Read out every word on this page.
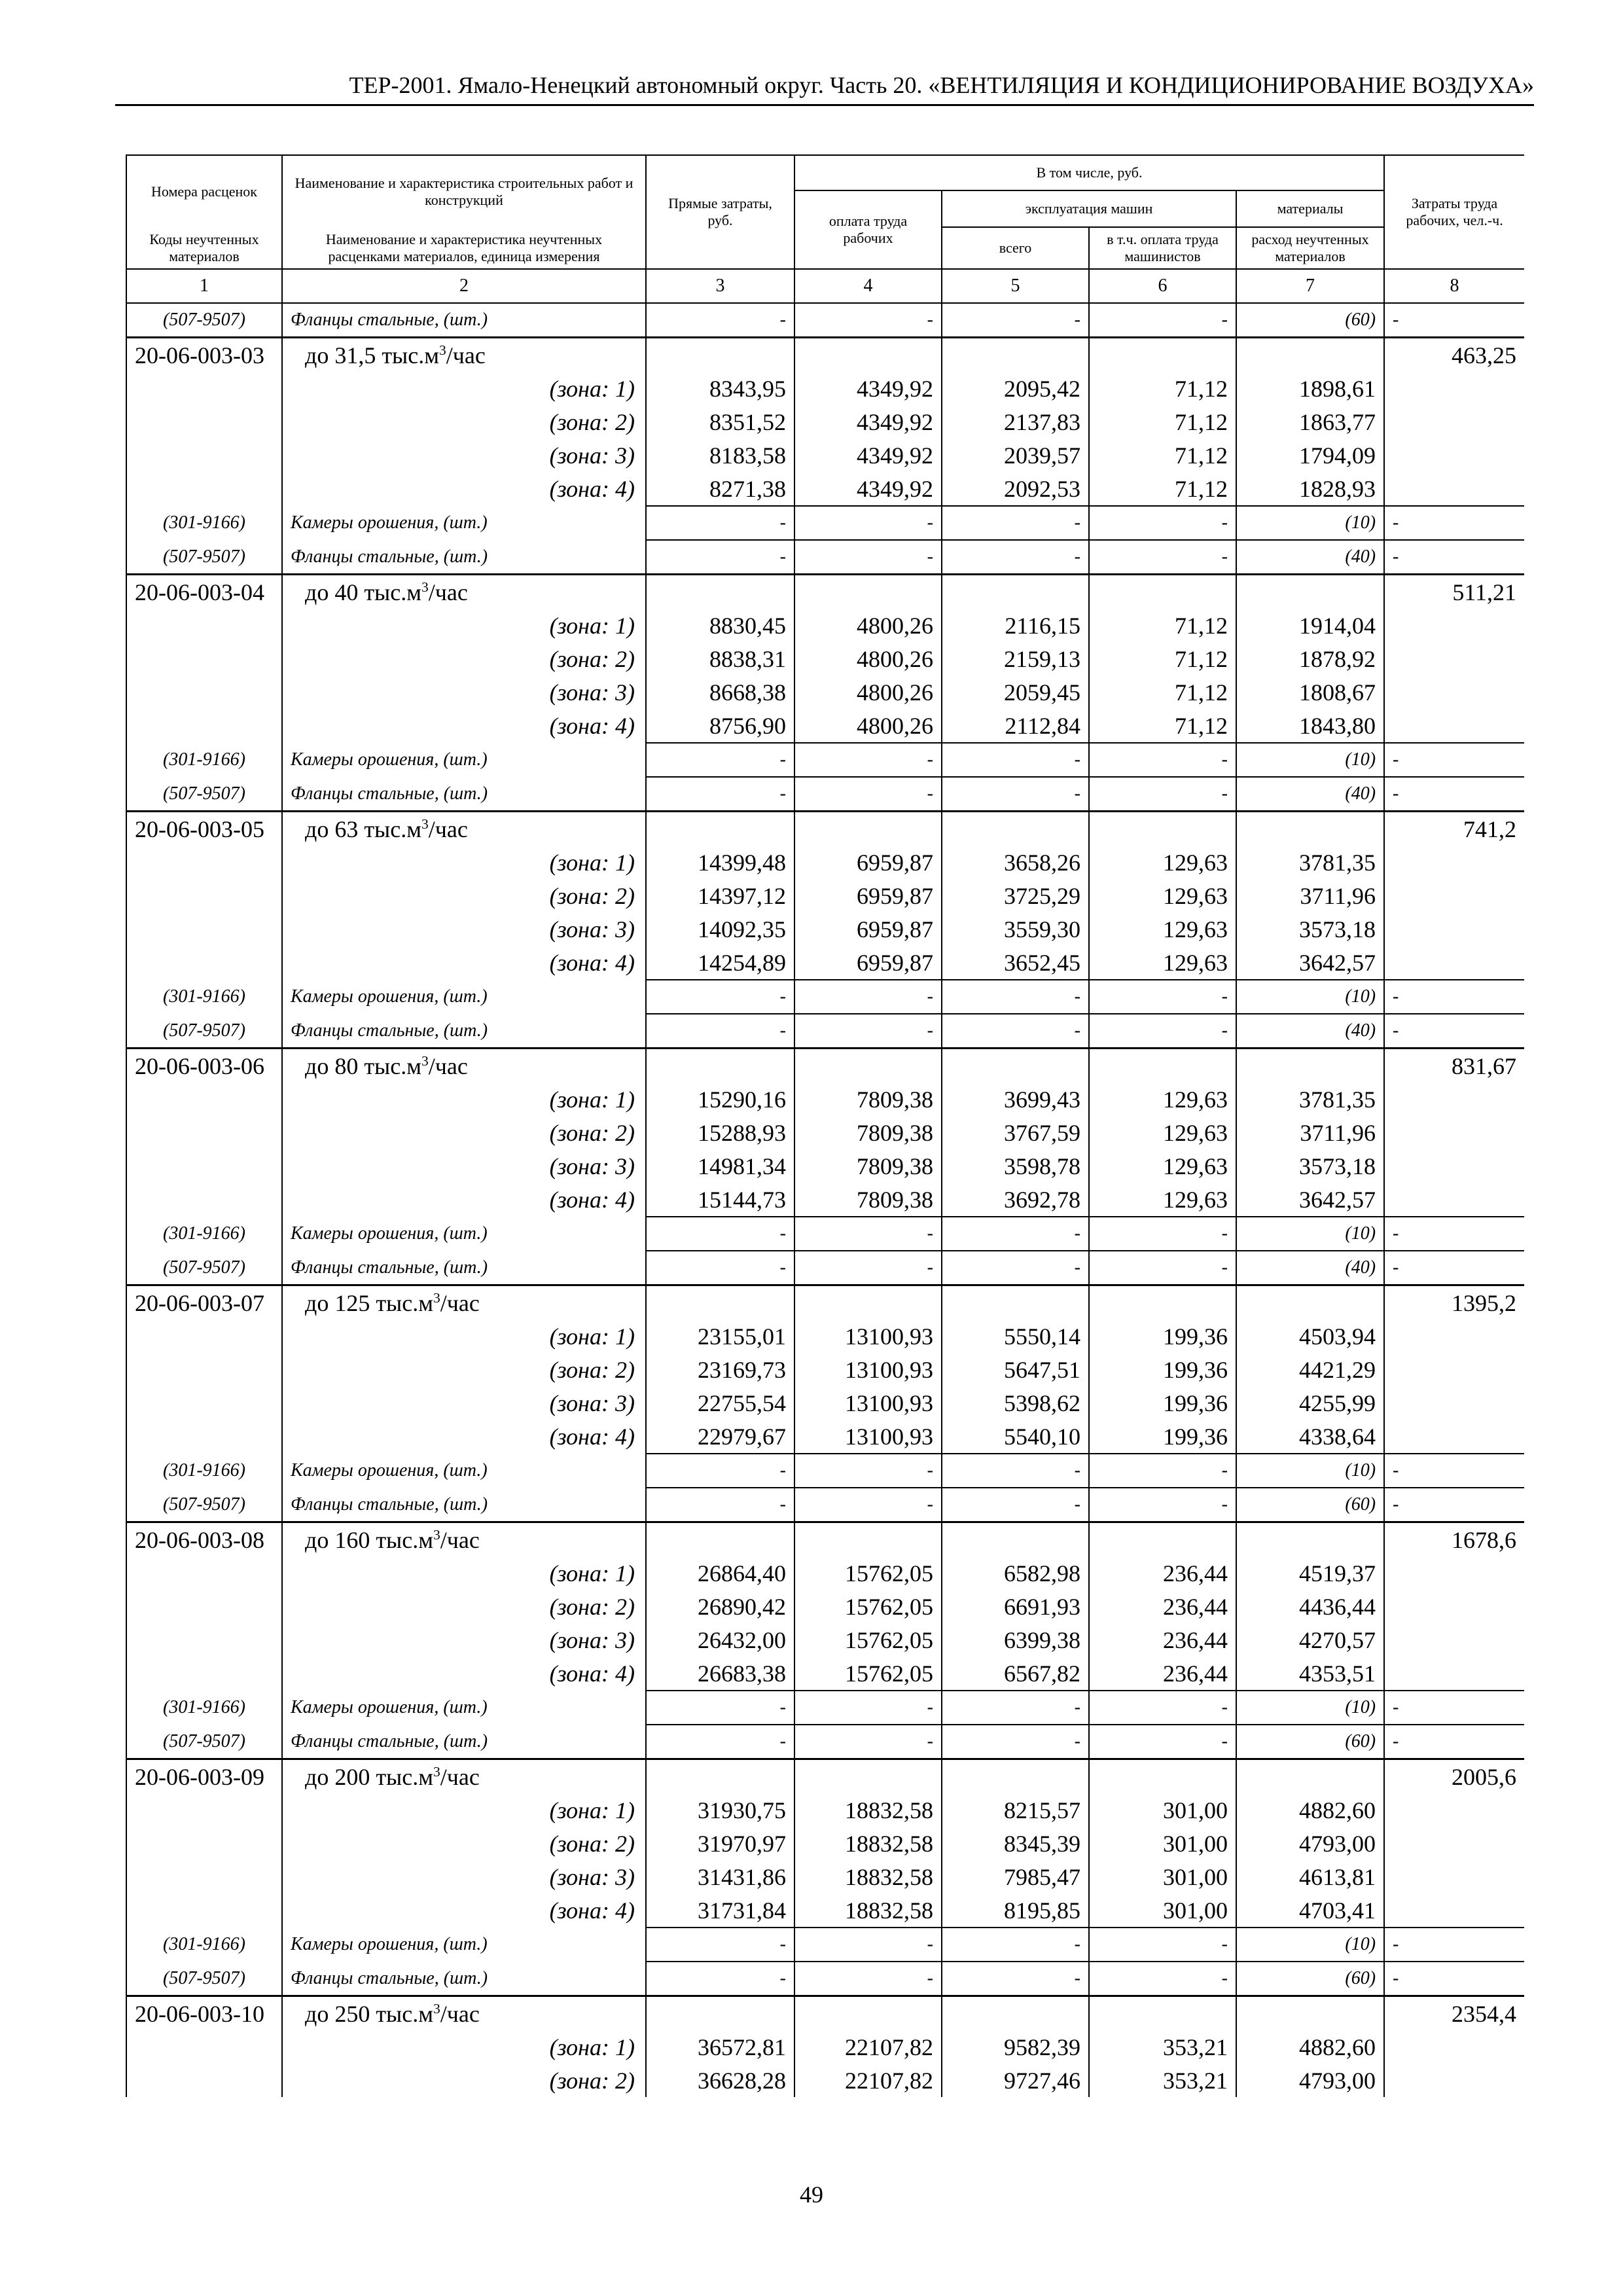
ТЕР-2001. Ямало-Ненецкий автономный округ. Часть 20. «ВЕНТИЛЯЦИЯ И КОНДИЦИОНИРОВАНИЕ ВОЗДУХА»
Номера расценок	Наименование и характеристика строительных работ и конструкций	Прямые затраты, руб.	В том числе, руб.				Затраты труда рабочих, чел.-ч.
			оплата труда рабочих	эксплуатация машин		материалы	
Коды неучтенных материалов	Наименование и характеристика неучтенных расценками материалов, единица измерения			всего	в т.ч. оплата труда машинистов	расход неучтенных материалов	
1	2	3	4	5	6	7	8
(507-9507)	Фланцы стальные, (шт.)	-	-	-	-	(60)	-
20-06-003-03	до 31,5 $тыс.м^3$/час						463,25
	(зона: 1)	8343,95	4349,92	2095,42	71,12	1898,61	
	(зона: 2)	8351,52	4349,92	2137,83	71,12	1863,77	
	(зона: 3)	8183,58	4349,92	2039,57	71,12	1794,09	
	(зона: 4)	8271,38	4349,92	2092,53	71,12	1828,93	
(301-9166)	Камеры орошения, (шт.)	-	-	-	-	(10)	-
(507-9507)	Фланцы стальные, (шт.)	-	-	-	-	(40)	-
20-06-003-04	до 40 $тыс.м^3$/час						511,21
	(зона: 1)	8830,45	4800,26	2116,15	71,12	1914,04	
	(зона: 2)	8838,31	4800,26	2159,13	71,12	1878,92	
	(зона: 3)	8668,38	4800,26	2059,45	71,12	1808,67	
	(зона: 4)	8756,90	4800,26	2112,84	71,12	1843,80	
(301-9166)	Камеры орошения, (шт.)	-	-	-	-	(10)	-
(507-9507)	Фланцы стальные, (шт.)	-	-	-	-	(40)	-
20-06-003-05	до 63 $тыс.м^3$/час						741,2
	(зона: 1)	14399,48	6959,87	3658,26	129,63	3781,35	
	(зона: 2)	14397,12	6959,87	3725,29	129,63	3711,96	
	(зона: 3)	14092,35	6959,87	3559,30	129,63	3573,18	
	(зона: 4)	14254,89	6959,87	3652,45	129,63	3642,57	
(301-9166)	Камеры орошения, (шт.)	-	-	-	-	(10)	-
(507-9507)	Фланцы стальные, (шт.)	-	-	-	-	(40)	-
20-06-003-06	до 80 $тыс.м^3$/час						831,67
	(зона: 1)	15290,16	7809,38	3699,43	129,63	3781,35	
	(зона: 2)	15288,93	7809,38	3767,59	129,63	3711,96	
	(зона: 3)	14981,34	7809,38	3598,78	129,63	3573,18	
	(зона: 4)	15144,73	7809,38	3692,78	129,63	3642,57	
(301-9166)	Камеры орошения, (шт.)	-	-	-	-	(10)	-
(507-9507)	Фланцы стальные, (шт.)	-	-	-	-	(40)	-
20-06-003-07	до 125 $тыс.м^3$/час						1395,2
	(зона: 1)	23155,01	13100,93	5550,14	199,36	4503,94	
	(зона: 2)	23169,73	13100,93	5647,51	199,36	4421,29	
	(зона: 3)	22755,54	13100,93	5398,62	199,36	4255,99	
	(зона: 4)	22979,67	13100,93	5540,10	199,36	4338,64	
(301-9166)	Камеры орошения, (шт.)	-	-	-	-	(10)	-
(507-9507)	Фланцы стальные, (шт.)	-	-	-	-	(60)	-
20-06-003-08	до 160 $тыс.м^3$/час						1678,6
	(зона: 1)	26864,40	15762,05	6582,98	236,44	4519,37	
	(зона: 2)	26890,42	15762,05	6691,93	236,44	4436,44	
	(зона: 3)	26432,00	15762,05	6399,38	236,44	4270,57	
	(зона: 4)	26683,38	15762,05	6567,82	236,44	4353,51	
(301-9166)	Камеры орошения, (шт.)	-	-	-	-	(10)	-
(507-9507)	Фланцы стальные, (шт.)	-	-	-	-	(60)	-
20-06-003-09	до 200 $тыс.м^3$/час						2005,6
	(зона: 1)	31930,75	18832,58	8215,57	301,00	4882,60	
	(зона: 2)	31970,97	18832,58	8345,39	301,00	4793,00	
	(зона: 3)	31431,86	18832,58	7985,47	301,00	4613,81	
	(зона: 4)	31731,84	18832,58	8195,85	301,00	4703,41	
(301-9166)	Камеры орошения, (шт.)	-	-	-	-	(10)	-
(507-9507)	Фланцы стальные, (шт.)	-	-	-	-	(60)	-
20-06-003-10	до 250 $тыс.м^3$/час						2354,4
	(зона: 1)	36572,81	22107,82	9582,39	353,21	4882,60	
	(зона: 2)	36628,28	22107,82	9727,46	353,21	4793,00	
49
